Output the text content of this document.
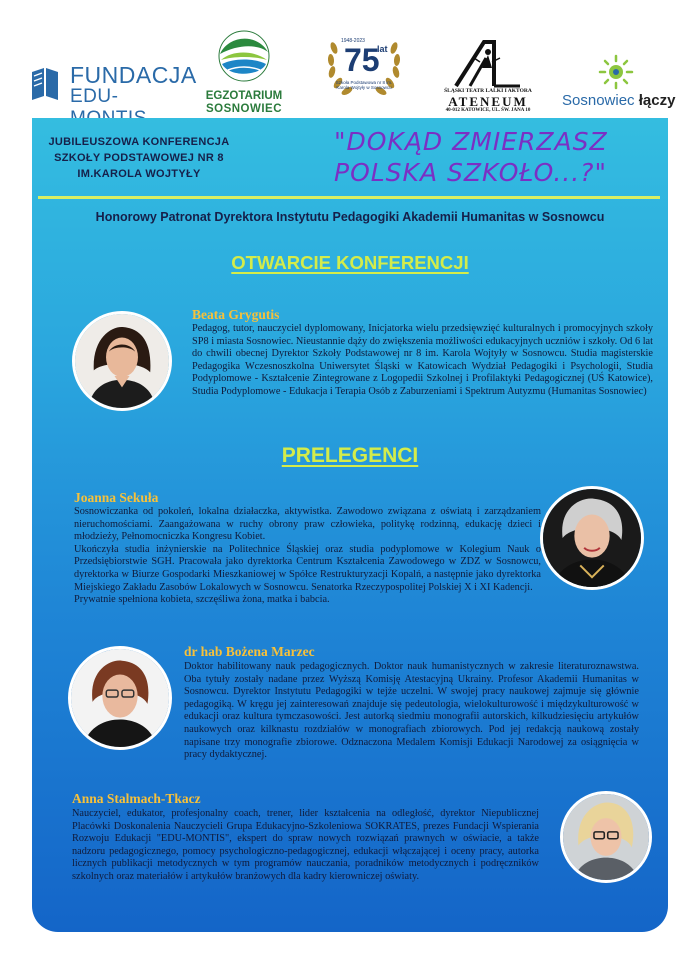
FUNDACJA
EDU-	EGZOTARIUM
SOSNOWIEC
1948-2023
75
lat
Szkoła Podstawowa nr 8 im. Karola Wojtyły w Sosnowcu
ŚLĄSKI TEATR LALKI I AKTORA
ATENEUM
40-012 KATOWICE, UL. ŚW. JANA 10
Sosnowiec łączy
JUBILEUSZOWA KONFERENCJA
SZKOŁY PODSTAWOWEJ NR 8
IM.KAROLA WOJTYŁY
"DOKĄD ZMIERZASZ
POLSKA SZKOŁO...?"
Honorowy Patronat Dyrektora Instytutu Pedagogiki Akademii Humanitas w Sosnowcu
OTWARCIE KONFERENCJI
Beata Grygutis
Pedagog, tutor, nauczyciel dyplomowany, Inicjatorka wielu przedsięwzięć kulturalnych i promocyjnych szkoły SP8 i miasta Sosnowiec. Nieustannie dąży do zwiększenia możliwości edukacyjnych uczniów i szkoły. Od 6 lat do chwili obecnej Dyrektor Szkoły Podstawowej nr 8 im. Karola Wojtyły w Sosnowcu. Studia magisterskie Pedagogika Wczesnoszkolna Uniwersytet Śląski w Katowicach Wydział Pedagogiki i Psychologii, Studia Podyplomowe - Kształcenie Zintegrowane z Logopedii Szkolnej i Profilaktyki Pedagogicznej (UŚ Katowice), Studia Podyplomowe - Edukacja i Terapia Osób z Zaburzeniami i Spektrum Autyzmu (Humanitas Sosnowiec)
PRELEGENCI
Joanna Sekuła

Sosnowiczanka od pokoleń, lokalna działaczka, aktywistka. Zawodowo związana z oświatą i zarządzaniem nieruchomościami. Zaangażowana w ruchy obrony praw człowieka, politykę rodzinną, edukację dzieci i młodzieży, Pełnomocniczka Kongresu Kobiet.

Ukończyła studia inżynierskie na Politechnice Śląskiej oraz studia podyplomowe w Kolegium Nauk o Przedsiębiorstwie SGH. Pracowała jako dyrektorka Centrum Kształcenia Zawodowego w ZDZ w Sosnowcu, dyrektorka w Biurze Gospodarki Mieszkaniowej w Spółce Restrukturyzacji Kopalń, a następnie jako dyrektorka Miejskiego Zakładu Zasobów Lokalowych w Sosnowcu. Senatorka Rzeczypospolitej Polskiej X i XI Kadencji.

Prywatnie spełniona kobieta, szczęśliwa żona, matka i babcia.

dr hab Bożena Marzec

Doktor habilitowany nauk pedagogicznych. Doktor nauk humanistycznych w zakresie literaturoznawstwa. Oba tytuły zostały nadane przez Wyższą Komisję Atestacyjną Ukrainy. Profesor Akademii Humanitas w Sosnowcu. Dyrektor Instytutu Pedagogiki w tejże uczelni. W swojej pracy naukowej zajmuje się głównie pedagogiką. W kręgu jej zainteresowań znajduje się pedeutologia, wielokulturowość i międzykulturowość w edukacji oraz kultura tymczasowości. Jest autorką siedmiu monografii autorskich, kilkudziesięciu artykułów naukowych oraz kilknastu rozdziałów w monografiach zbiorowych. Pod jej redakcją naukową zostały napisane trzy monografie zbiorowe. Odznaczona Medalem Komisji Edukacji Narodowej za osiągnięcia w pracy dydaktycznej.

Anna Stalmach-Tkacz

Nauczyciel, edukator, profesjonalny coach, trener, lider kształcenia na odległość, dyrektor Niepublicznej Placówki Doskonalenia Nauczycieli Grupa Edukacyjno-Szkoleniowa SOKRATES, prezes Fundacji Wspierania Rozwoju Edukacji "EDU-MONTIS", ekspert do spraw nowych rozwiązań prawnych w oświacie, a także nadzoru pedagogicznego, pomocy psychologiczno-pedagogicznej, edukacji włączającej i oceny pracy, autorka licznych publikacji metodycznych w tym programów nauczania, poradników metodycznych i podręczników szkolnych oraz materiałów i artykułów branżowych dla kadry kierowniczej oświaty.
